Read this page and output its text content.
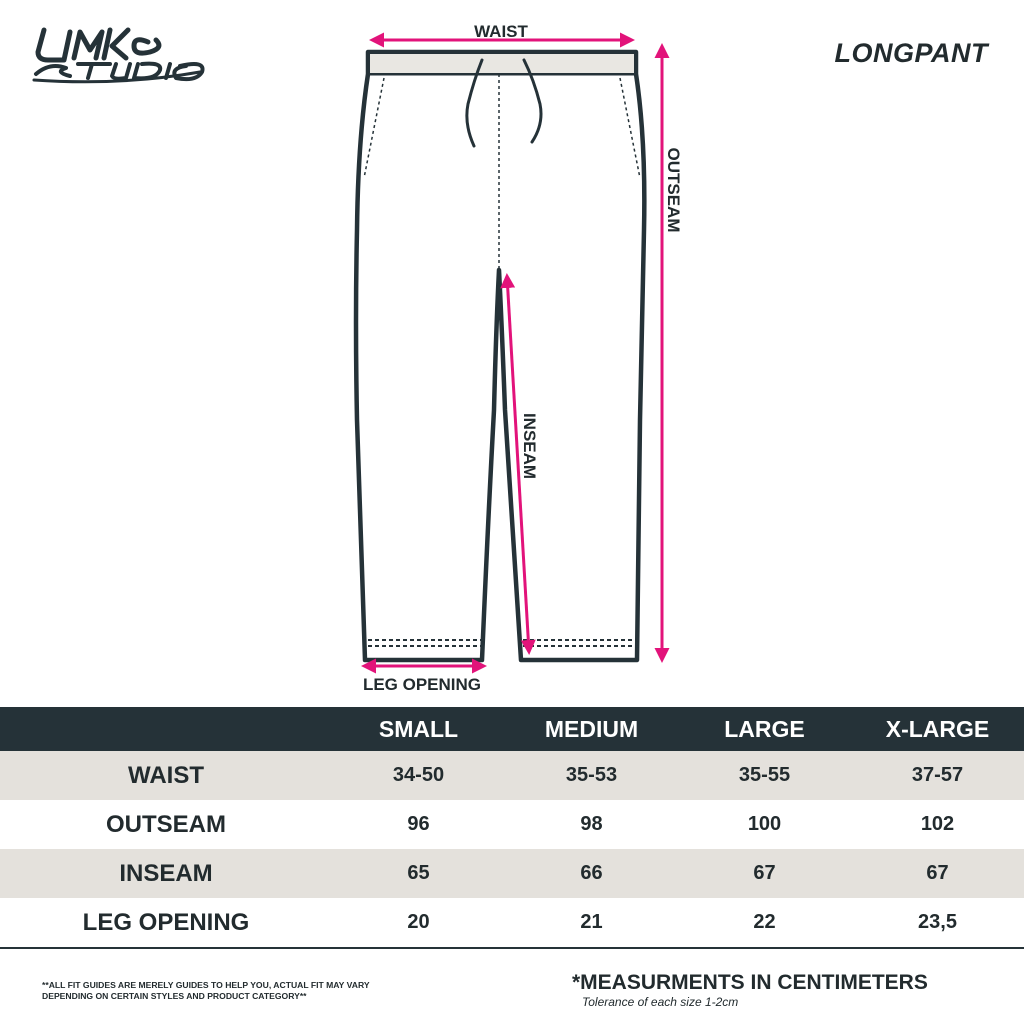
LONGPANT
WAIST
OUTSEAM
INSEAM
LEG OPENING
	SMALL	MEDIUM	LARGE	X-LARGE
WAIST	34-50	35-53	35-55	37-57
OUTSEAM	96	98	100	102
INSEAM	65	66	67	67
LEG OPENING	20	21	22	23,5
**ALL FIT GUIDES ARE MERELY GUIDES TO HELP YOU, ACTUAL FIT MAY VARY DEPENDING ON CERTAIN STYLES AND PRODUCT CATEGORY**
*MEASURMENTS IN CENTIMETERS
Tolerance of each size 1-2cm
